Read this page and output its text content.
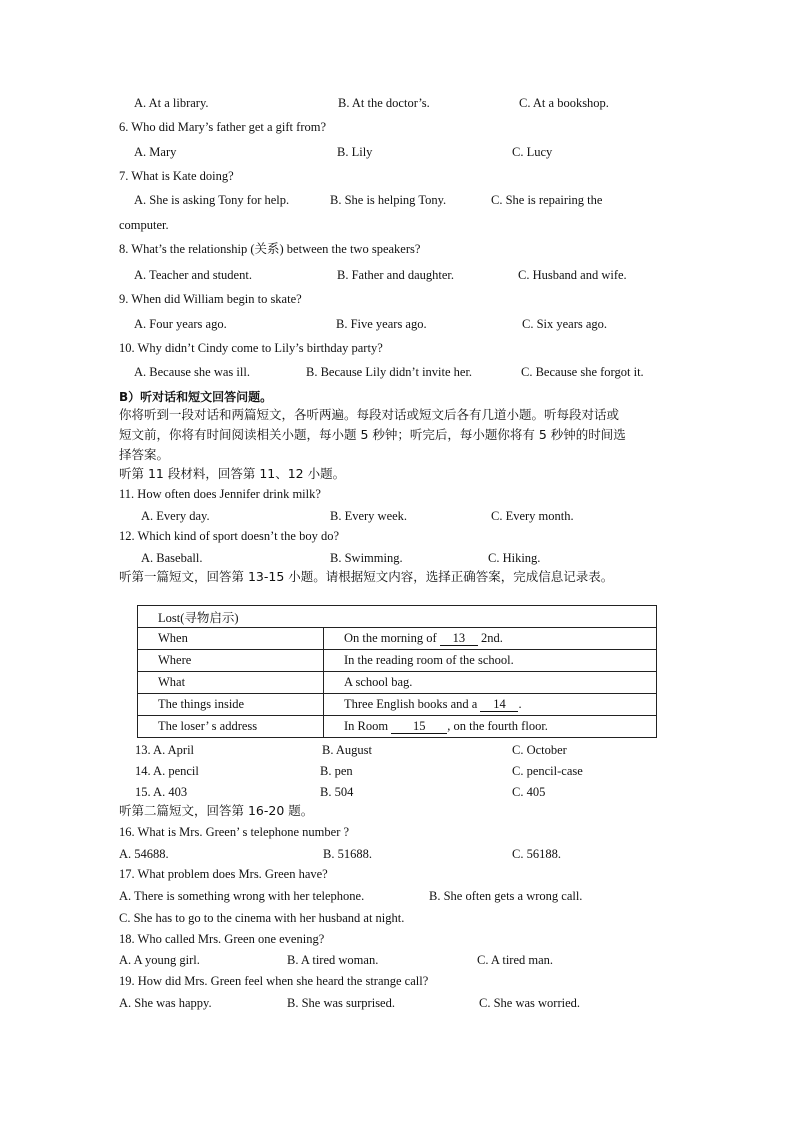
A. At a library.	B. At the doctor’s.	C. At a bookshop.
6. Who did Mary’s father get a gift from?
A. Mary	B. Lily	C. Lucy
7. What is Kate doing?
A. She is asking Tony for help.	B. She is helping Tony.	C. She is repairing the
computer.
8. What’s the relationship (关系) between the two speakers?
A. Teacher and student.	B. Father and daughter.	C. Husband and wife.
9. When did William begin to skate?
A. Four years ago.	B. Five years ago.	C. Six years ago.
10. Why didn’t Cindy come to Lily’s birthday party?
A. Because she was ill.	B. Because Lily didn’t invite her.	C. Because she forgot it.
B）听对话和短文回答问题。
你将听到一段对话和两篇短文，各听两遍。每段对话或短文后各有几道小题。听每段对话或
短文前，你将有时间阅读相关小题，每小题 5 秒钟；听完后，每小题你将有 5 秒钟的时间选
择答案。
听第 11 段材料，回答第 11、12 小题。
11. How often does Jennifer drink milk?
A. Every day.	B. Every week.	C. Every month.
12. Which kind of sport doesn’t the boy do?
A. Baseball.	B. Swimming.	C. Hiking.
听第一篇短文，回答第 13-15 小题。请根据短文内容，选择正确答案，完成信息记录表。
Lost(寻物启示)	
When	On the morning of 13 2nd.
Where	In the reading room of the school.
What	A school bag.
The things inside	Three English books and a 14 .
The loser’ s address	In Room 15 , on the fourth floor.
13. A. April	B. August	C. October
14. A. pencil	B. pen	C. pencil-case
15. A. 403	B. 504	C. 405
听第二篇短文，回答第 16-20 题。
16. What is Mrs. Green’ s telephone number ?
A. 54688.	B. 51688.	C. 56188.
17. What problem does Mrs. Green have?
A. There is something wrong with her telephone.	B. She often gets a wrong call.
C. She has to go to the cinema with her husband at night.
18. Who called Mrs. Green one evening?
A. A young girl.	B. A tired woman.	C. A tired man.
19. How did Mrs. Green feel when she heard the strange call?
A. She was happy.	B. She was surprised.	C. She was worried.
